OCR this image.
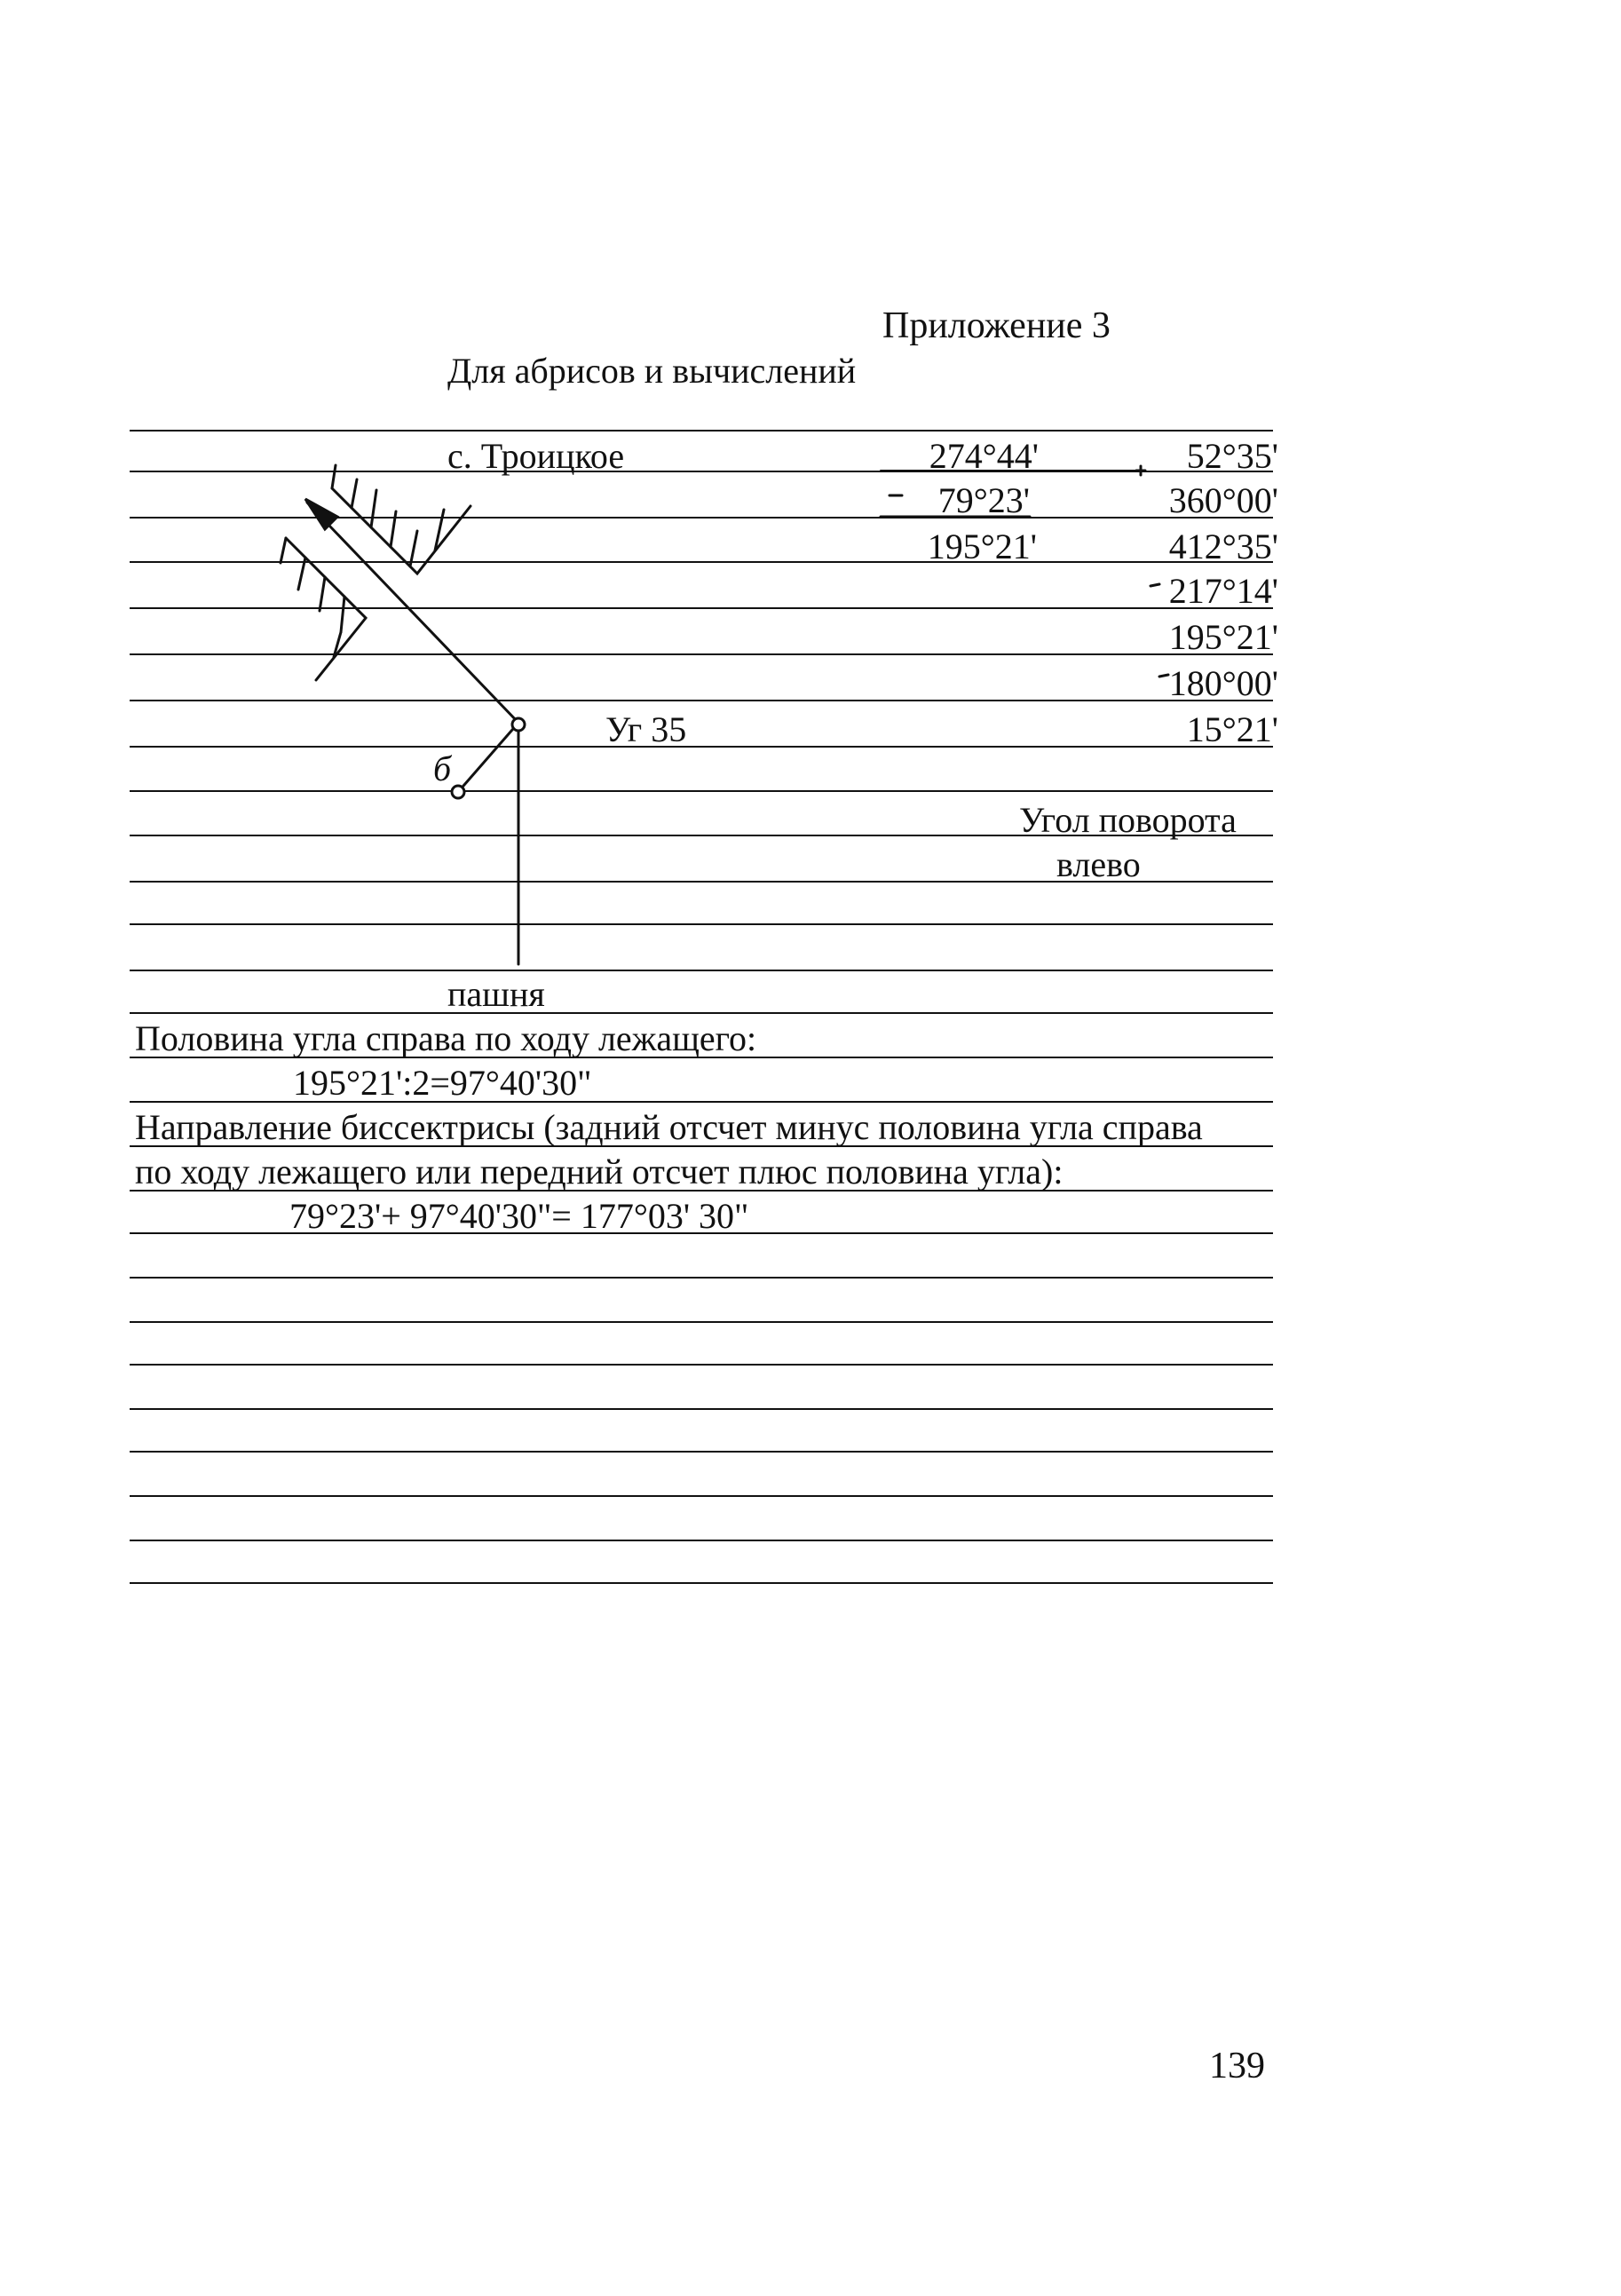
Приложение 3
Для абрисов и вычислений
с. Троицкое
Уг 35
б
пашня
274°44'
79°23'
195°21'
52°35'
360°00'
412°35'
217°14'
195°21'
180°00'
15°21'
Угол поворота
влево
Половина угла справа по ходу лежащего:
195°21':2=97°40'30"
Направление биссектрисы (задний отсчет минус половина угла справа
по ходу лежащего или передний отсчет плюс половина угла):
79°23'+ 97°40'30"= 177°03' 30"
139
